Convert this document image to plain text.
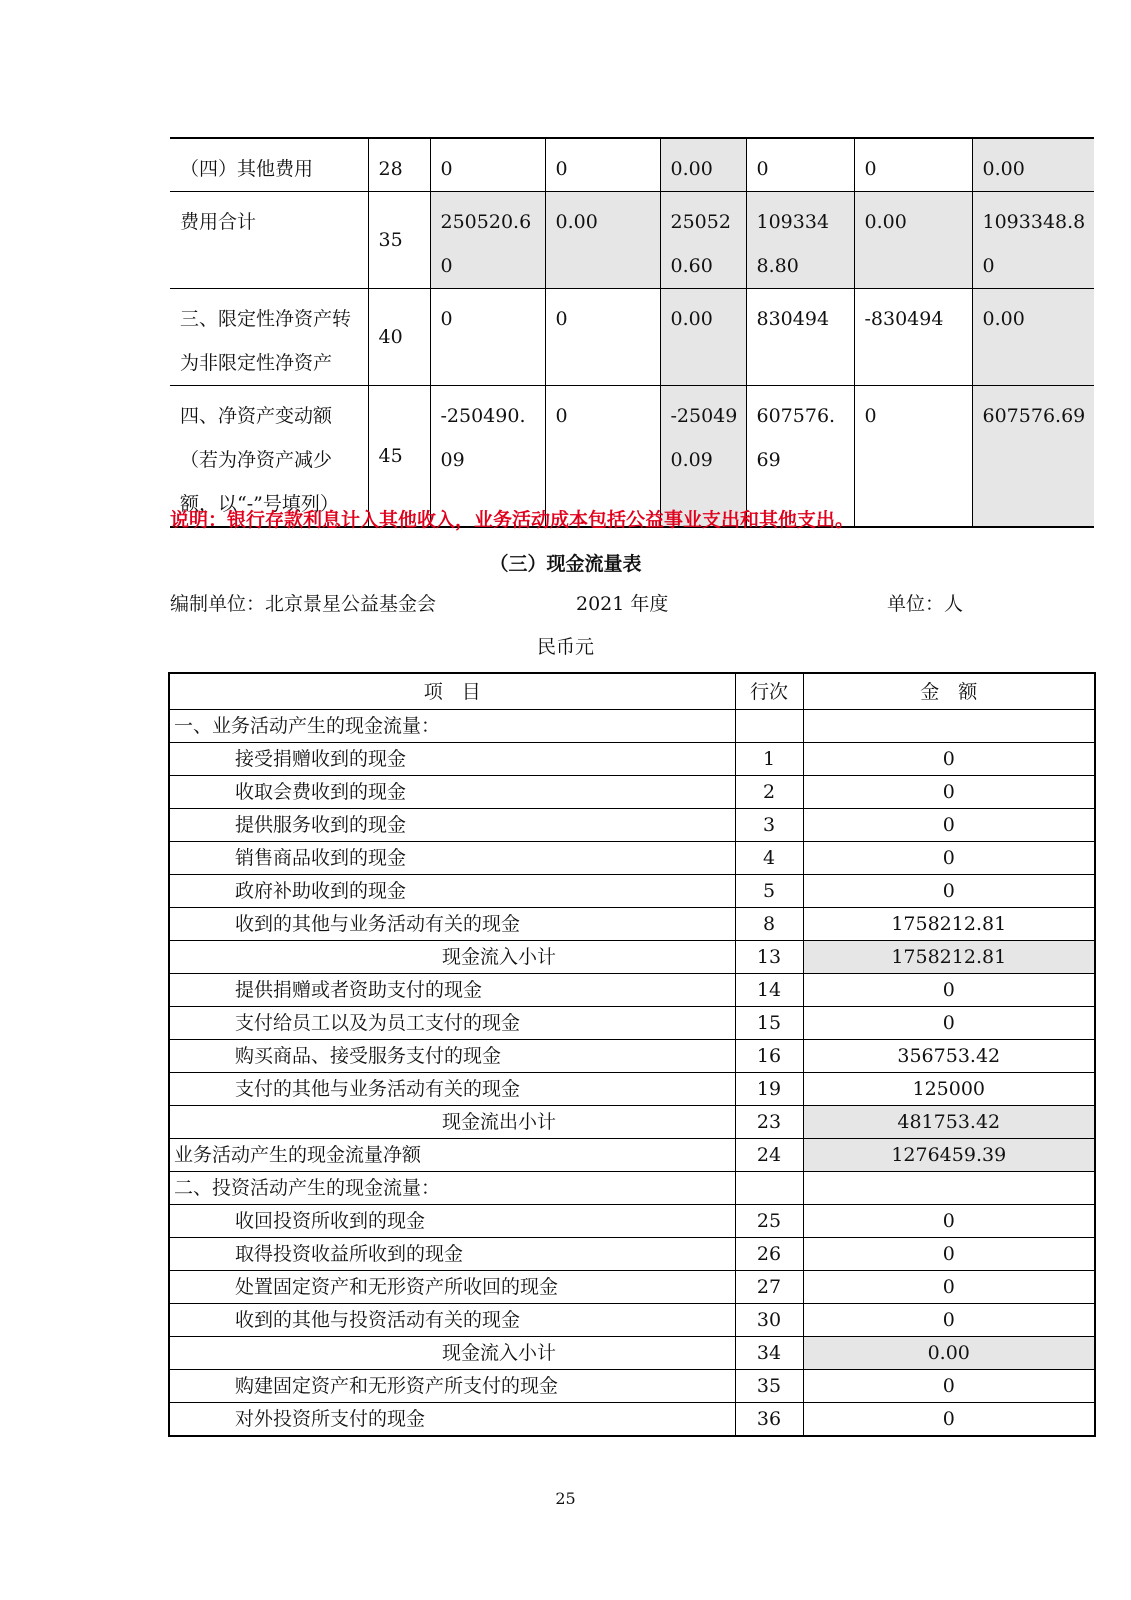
（四）其他费用	28	0	0	0.00	0	0	0.00
费用合计	35	250520.60	0.00	250520.60	1093348.80	0.00	1093348.80
三、限定性净资产转为非限定性净资产	40	0	0	0.00	830494	-830494	0.00
四、净资产变动额（若为净资产减少额，以“-”号填列）	45	-250490.09	0	-250490.09	607576.69	0	607576.69
说明：银行存款利息计入其他收入，业务活动成本包括公益事业支出和其他支出。
（三）现金流量表
编制单位：北京景星公益基金会	2021 年度	单位：人
民币元
项　目	行次	金　额
一、业务活动产生的现金流量：		
接受捐赠收到的现金	1	0
收取会费收到的现金	2	0
提供服务收到的现金	3	0
销售商品收到的现金	4	0
政府补助收到的现金	5	0
收到的其他与业务活动有关的现金	8	1758212.81
现金流入小计	13	1758212.81
提供捐赠或者资助支付的现金	14	0
支付给员工以及为员工支付的现金	15	0
购买商品、接受服务支付的现金	16	356753.42
支付的其他与业务活动有关的现金	19	125000
现金流出小计	23	481753.42
业务活动产生的现金流量净额	24	1276459.39
二、投资活动产生的现金流量：		
收回投资所收到的现金	25	0
取得投资收益所收到的现金	26	0
处置固定资产和无形资产所收回的现金	27	0
收到的其他与投资活动有关的现金	30	0
现金流入小计	34	0.00
购建固定资产和无形资产所支付的现金	35	0
对外投资所支付的现金	36	0
25
